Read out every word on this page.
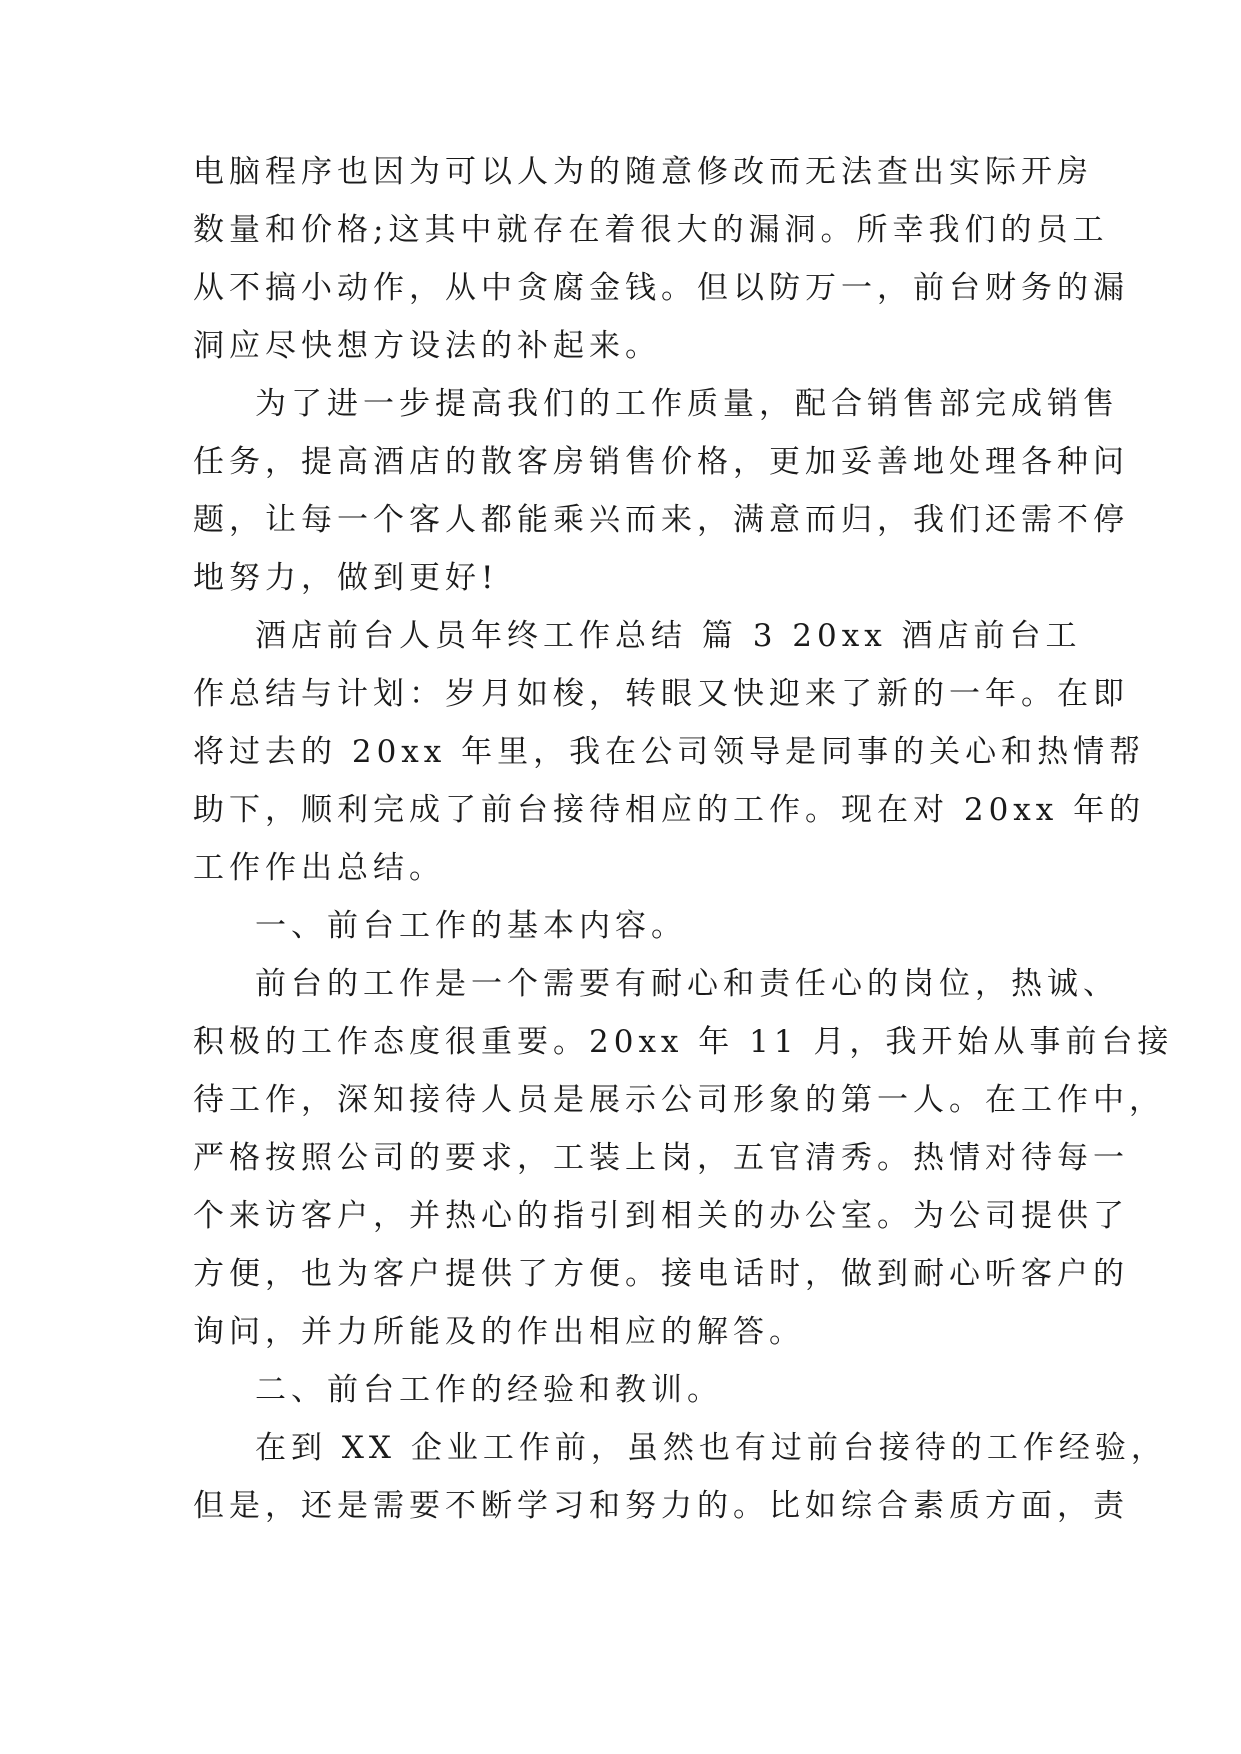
电脑程序也因为可以人为的随意修改而无法查出实际开房

数量和价格;这其中就存在着很大的漏洞。所幸我们的员工

从不搞小动作，从中贪腐金钱。但以防万一，前台财务的漏

洞应尽快想方设法的补起来。

为了进一步提高我们的工作质量，配合销售部完成销售

任务，提高酒店的散客房销售价格，更加妥善地处理各种问

题，让每一个客人都能乘兴而来，满意而归，我们还需不停

地努力，做到更好!

酒店前台人员年终工作总结 篇 3 20xx 酒店前台工

作总结与计划：岁月如梭，转眼又快迎来了新的一年。在即

将过去的 20xx 年里，我在公司领导是同事的关心和热情帮

助下，顺利完成了前台接待相应的工作。现在对 20xx 年的

工作作出总结。

一、前台工作的基本内容。

前台的工作是一个需要有耐心和责任心的岗位，热诚、

积极的工作态度很重要。20xx 年 11 月，我开始从事前台接

待工作，深知接待人员是展示公司形象的第一人。在工作中，

严格按照公司的要求，工装上岗，五官清秀。热情对待每一

个来访客户，并热心的指引到相关的办公室。为公司提供了

方便，也为客户提供了方便。接电话时，做到耐心听客户的

询问，并力所能及的作出相应的解答。

二、前台工作的经验和教训。

在到 XX 企业工作前，虽然也有过前台接待的工作经验，

但是，还是需要不断学习和努力的。比如综合素质方面，责
